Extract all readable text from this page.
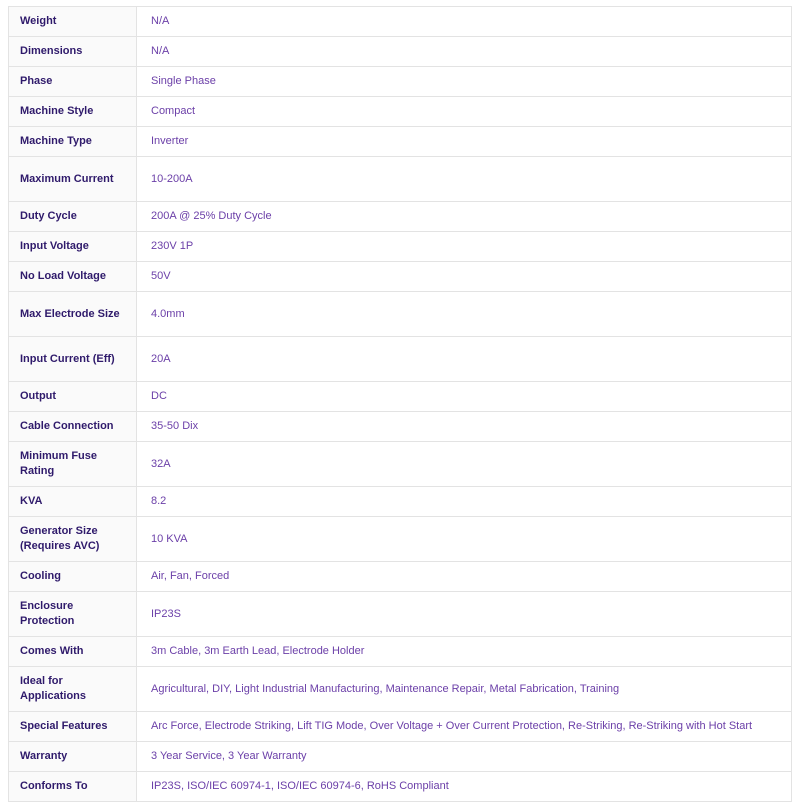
Weight	N/A
Dimensions	N/A
Phase	Single Phase
Machine Style	Compact
Machine Type	Inverter
Maximum Current	10-200A
Duty Cycle	200A @ 25% Duty Cycle
Input Voltage	230V 1P
No Load Voltage	50V
Max Electrode Size	4.0mm
Input Current (Eff)	20A
Output	DC
Cable Connection	35-50 Dix
Minimum Fuse Rating	32A
KVA	8.2
Generator Size (Requires AVC)	10 KVA
Cooling	Air, Fan, Forced
Enclosure Protection	IP23S
Comes With	3m Cable, 3m Earth Lead, Electrode Holder
Ideal for Applications	Agricultural, DIY, Light Industrial Manufacturing, Maintenance Repair, Metal Fabrication, Training
Special Features	Arc Force, Electrode Striking, Lift TIG Mode, Over Voltage + Over Current Protection, Re-Striking, Re-Striking with Hot Start
Warranty	3 Year Service, 3 Year Warranty
Conforms To	IP23S, ISO/IEC 60974-1, ISO/IEC 60974-6, RoHS Compliant
